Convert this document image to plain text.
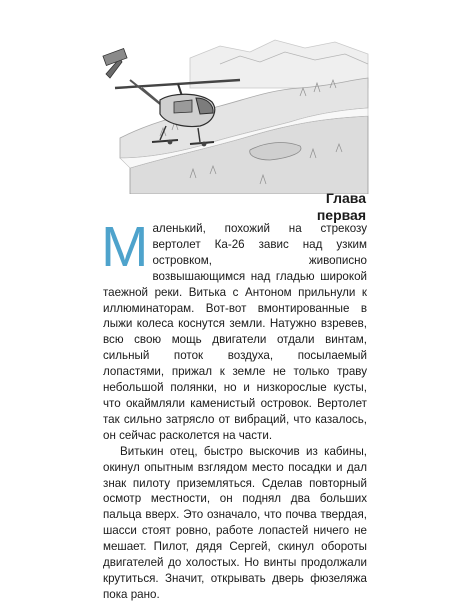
Глава
первая

М аленький, похожий на стрекозу вертолет Ка-26 завис над узким островком, живописно возвышающимся над гладью широкой таежной реки. Витька с Антоном прильнули к иллюминаторам. Вот-вот вмонтированные в лыжи колеса коснутся земли. Натужно взревев, всю свою мощь двигатели отдали винтам, сильный поток воздуха, посылаемый лопастями, прижал к земле не только траву небольшой полянки, но и низкорослые кусты, что окаймляли каменистый островок. Вертолет так сильно затрясло от вибраций, что казалось, он сейчас расколется на части.

Витькин отец, быстро выскочив из кабины, окинул опытным взглядом место посадки и дал знак пилоту приземляться. Сделав повторный осмотр местности, он поднял два больших пальца вверх. Это означало, что почва твердая, шасси стоят ровно, работе лопастей ничего не мешает. Пилот, дядя Сергей, скинул обороты двигателей до холостых. Но винты продолжали крутиться. Значит, открывать дверь фюзеляжа пока рано.
